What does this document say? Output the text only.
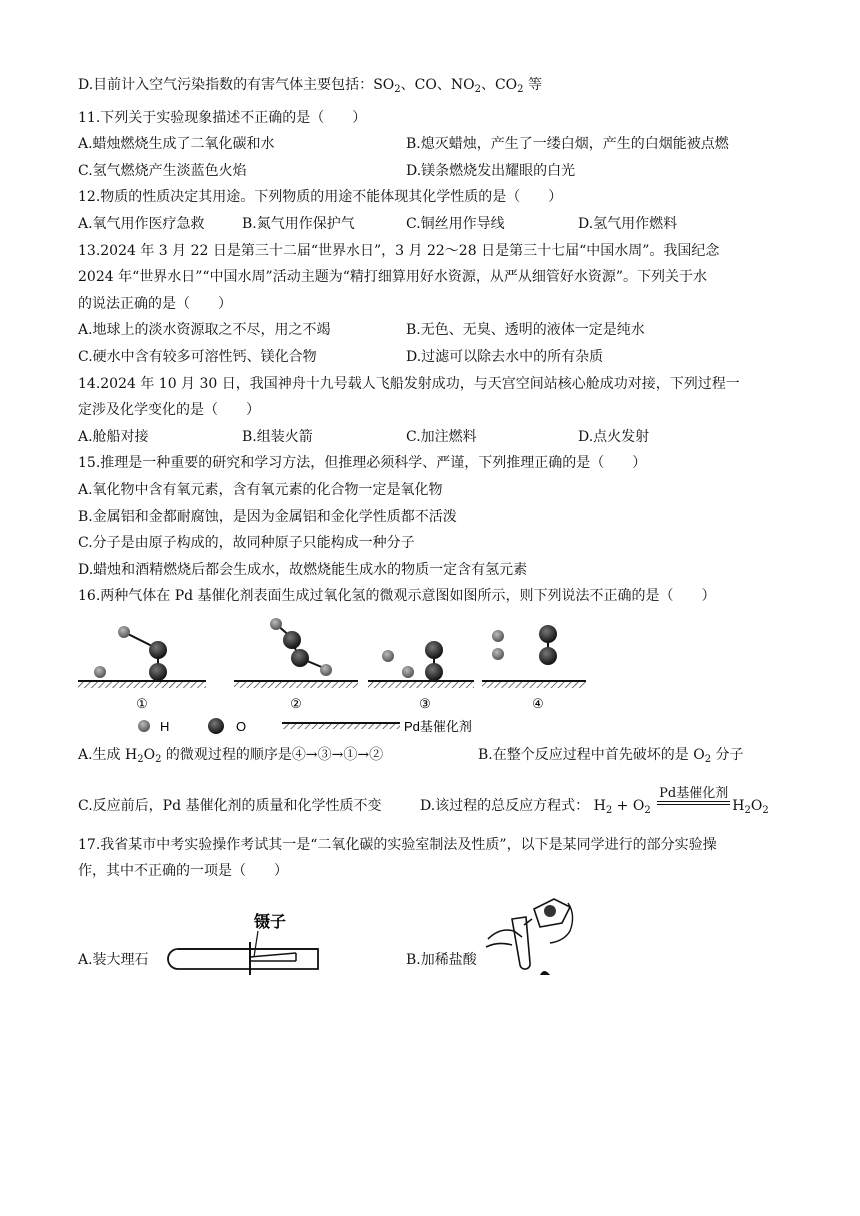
D.目前计入空气污染指数的有害气体主要包括：$SO_2$、CO、$NO_2$、$CO_2$ 等
11.下列关于实验现象描述不正确的是（　　）
A.蜡烛燃烧生成了二氧化碳和水	B.熄灭蜡烛，产生了一缕白烟，产生的白烟能被点燃
C.氢气燃烧产生淡蓝色火焰	D.镁条燃烧发出耀眼的白光
12.物质的性质决定其用途。下列物质的用途不能体现其化学性质的是（　　）
A.氧气用作医疗急救	B.氮气用作保护气	C.铜丝用作导线	D.氢气用作燃料
13.2024 年 3 月 22 日是第三十二届“世界水日”，3 月 22～28 日是第三十七届“中国水周”。我国纪念
2024 年“世界水日”“中国水周”活动主题为“精打细算用好水资源，从严从细管好水资源”。下列关于水
的说法正确的是（　　）
A.地球上的淡水资源取之不尽，用之不竭	B.无色、无臭、透明的液体一定是纯水
C.硬水中含有较多可溶性钙、镁化合物	D.过滤可以除去水中的所有杂质
14.2024 年 10 月 30 日，我国神舟十九号载人飞船发射成功，与天宫空间站核心舱成功对接，下列过程一
定涉及化学变化的是（　　）
A.舱船对接	B.组装火箭	C.加注燃料	D.点火发射
15.推理是一种重要的研究和学习方法，但推理必须科学、严谨，下列推理正确的是（　　）
A.氧化物中含有氧元素，含有氧元素的化合物一定是氧化物
B.金属铝和金都耐腐蚀，是因为金属铝和金化学性质都不活泼
C.分子是由原子构成的，故同种原子只能构成一种分子
D.蜡烛和酒精燃烧后都会生成水，故燃烧能生成水的物质一定含有氢元素
16.两种气体在 Pd 基催化剂表面生成过氧化氢的微观示意图如图所示，则下列说法不正确的是（　　）
①	②	③	④
H	O	Pd基催化剂
A.生成 $H_2O_2$ 的微观过程的顺序是④→③→①→②	B.在整个反应过程中首先破坏的是 $O_2$ 分子
C.反应前后，Pd 基催化剂的质量和化学性质不变	D.该过程的总反应方程式： $H_2 + O_2$
Pd基催化剂
$H_2O_2$
17.我省某市中考实验操作考试其一是“二氧化碳的实验室制法及性质”，以下是某同学进行的部分实验操
作，其中不正确的一项是（　　）
A.装大理石
镊子
B.加稀盐酸
